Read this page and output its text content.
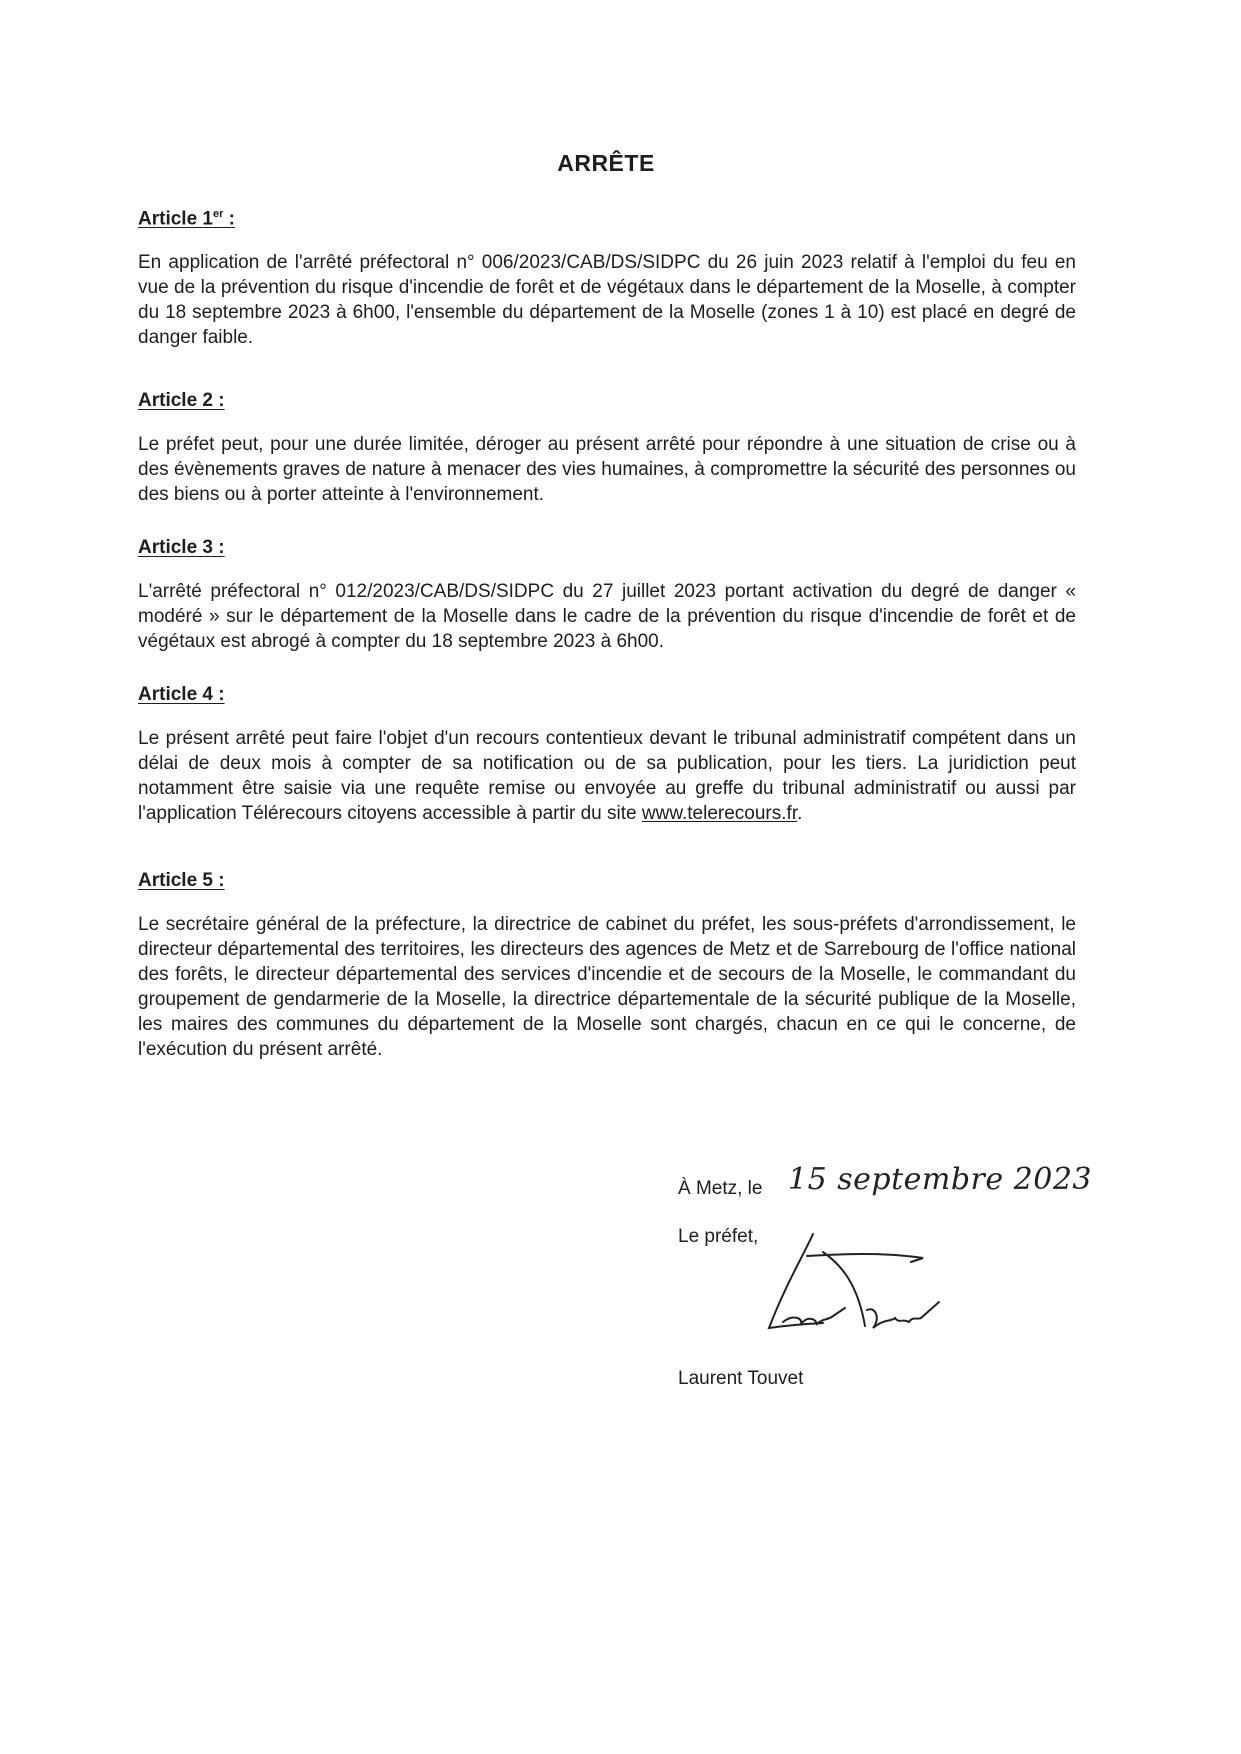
ARRÊTE
Article 1er :

En application de l'arrêté préfectoral n° 006/2023/CAB/DS/SIDPC du 26 juin 2023 relatif à l'emploi du feu en vue de la prévention du risque d'incendie de forêt et de végétaux dans le département de la Moselle, à compter du 18 septembre 2023 à 6h00, l'ensemble du département de la Moselle (zones 1 à 10) est placé en degré de danger faible.

Article 2 :

Le préfet peut, pour une durée limitée, déroger au présent arrêté pour répondre à une situation de crise ou à des évènements graves de nature à menacer des vies humaines, à compromettre la sécurité des personnes ou des biens ou à porter atteinte à l'environnement.

Article 3 :

L'arrêté préfectoral n° 012/2023/CAB/DS/SIDPC du 27 juillet 2023 portant activation du degré de danger « modéré » sur le département de la Moselle dans le cadre de la prévention du risque d'incendie de forêt et de végétaux est abrogé à compter du 18 septembre 2023 à 6h00.

Article 4 :

Le présent arrêté peut faire l'objet d'un recours contentieux devant le tribunal administratif compétent dans un délai de deux mois à compter de sa notification ou de sa publication, pour les tiers. La juridiction peut notamment être saisie via une requête remise ou envoyée au greffe du tribunal administratif ou aussi par l'application Télérecours citoyens accessible à partir du site www.telerecours.fr.

Article 5 :

Le secrétaire général de la préfecture, la directrice de cabinet du préfet, les sous-préfets d'arrondissement, le directeur départemental des territoires, les directeurs des agences de Metz et de Sarrebourg de l'office national des forêts, le directeur départemental des services d'incendie et de secours de la Moselle, le commandant du groupement de gendarmerie de la Moselle, la directrice départementale de la sécurité publique de la Moselle, les maires des communes du département de la Moselle sont chargés, chacun en ce qui le concerne, de l'exécution du présent arrêté.

À Metz, le 15 septembre 2023
Le préfet,
Laurent Touvet
